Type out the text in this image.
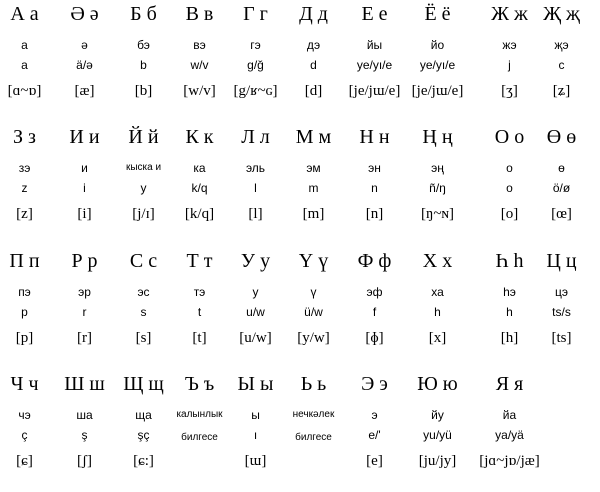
А а
а
a
[ɑ~ɒ]
Ә ә
ә
ä/ə
[æ]
Б б
бэ
b
[b]
В в
вэ
w/v
[w/v]
Г г
гэ
g/ğ
[g/ʁ~ɢ]
Д д
дэ
d
[d]
Е е
йы
ye/yı/e
[je/jɯ/e]
Ё ё
йо
ye/yı/e
[je/jɯ/e]
Ж ж
жэ
j
[ʒ]
Җ җ
җэ
c
[ʑ]
З з
зэ
z
[z]
И и
и
i
[i]
Й й
кыска и
y
[j/ɪ]
К к
ка
k/q
[k/q]
Л л
эль
l
[l]
М м
эм
m
[m]
Н н
эн
n
[n]
Ң ң
эң
ñ/ŋ
[ŋ~ɴ]
О о
о
o
[o]
Ө ө
ө
ö/ø
[œ]
П п
пэ
p
[p]
Р р
эр
r
[r]
С с
эс
s
[s]
Т т
тэ
t
[t]
У у
у
u/w
[u/w]
Ү ү
ү
ü/w
[y/w]
Ф ф
эф
f
[ɸ]
Х х
ха
h
[x]
Һ һ
hэ
h
[h]
Ц ц
цэ
ts/s
[ts]
Ч ч
чэ
ç
[ɕ]
Ш ш
ша
ş
[ʃ]
Щ щ
ща
şç
[ɕ:]
Ъ ъ
калынлык
билгесе
Ы ы
ы
ı
[ɯ]
Ь ь
нечкәлек
билгесе
Э э
э
e/'
[e]
Ю ю
йу
yu/yü
[ju/jy]
Я я
йа
ya/yä
[jɑ~jɒ/jæ]
